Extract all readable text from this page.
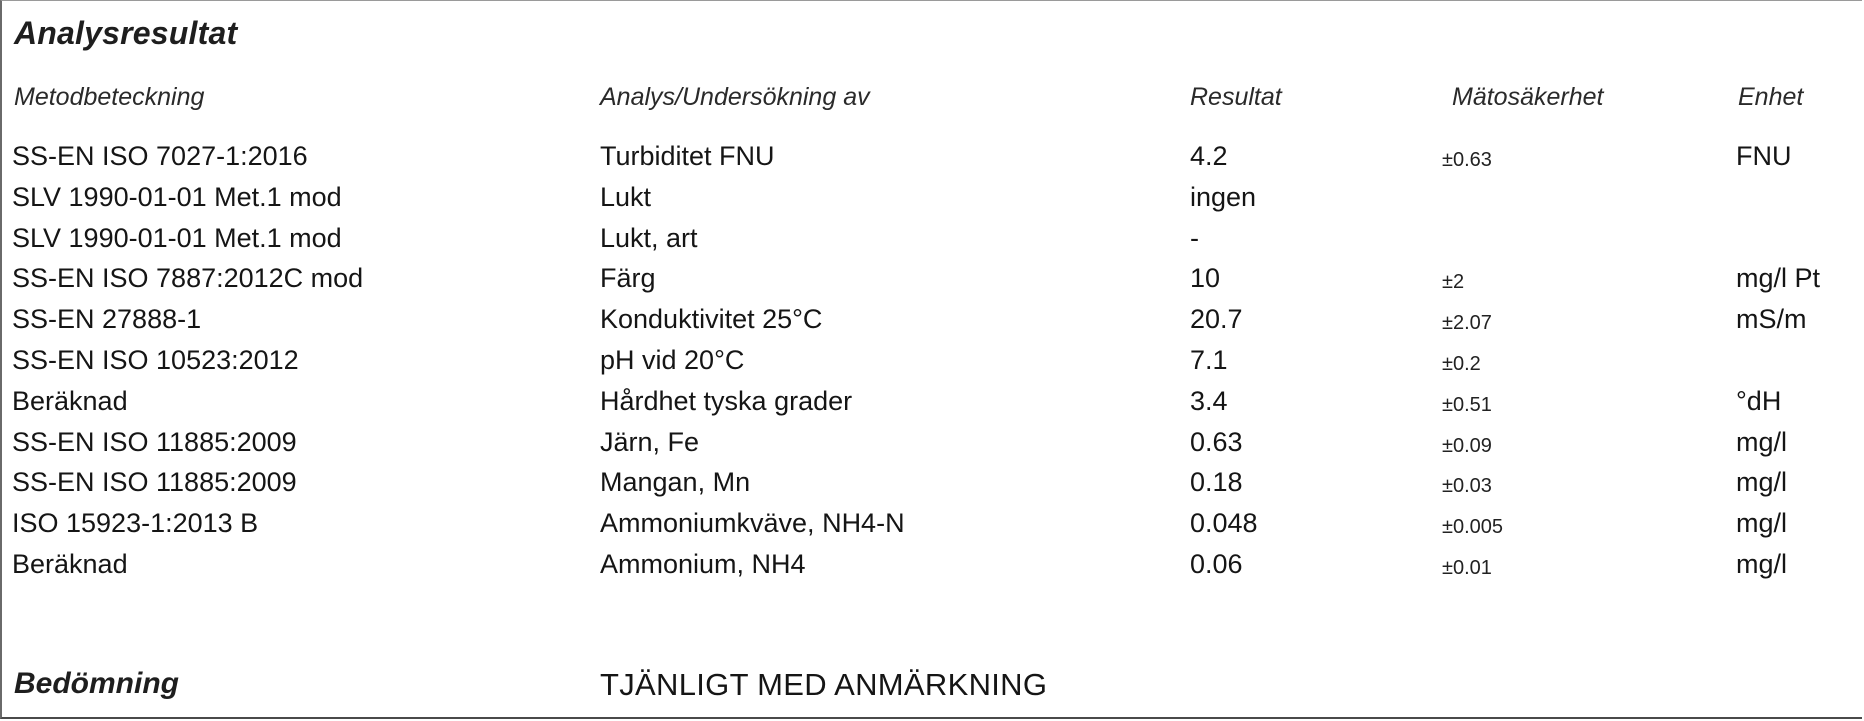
Analysresultat
Metodbeteckning	Analys/Undersökning av	Resultat	Mätosäkerhet	Enhet
SS-EN ISO 7027-1:2016	Turbiditet FNU	4.2	±0.63	FNU
SLV 1990-01-01 Met.1 mod	Lukt	ingen
SLV 1990-01-01 Met.1 mod	Lukt, art	-
SS-EN ISO 7887:2012C mod	Färg	10	±2	mg/l Pt
SS-EN 27888-1	Konduktivitet 25°C	20.7	±2.07	mS/m
SS-EN ISO 10523:2012	pH vid 20°C	7.1	±0.2
Beräknad	Hårdhet tyska grader	3.4	±0.51	°dH
SS-EN ISO 11885:2009	Järn, Fe	0.63	±0.09	mg/l
SS-EN ISO 11885:2009	Mangan, Mn	0.18	±0.03	mg/l
ISO 15923-1:2013 B	Ammoniumkväve, NH4-N	0.048	±0.005	mg/l
Beräknad	Ammonium, NH4	0.06	±0.01	mg/l
Bedömning	TJÄNLIGT MED ANMÄRKNING
